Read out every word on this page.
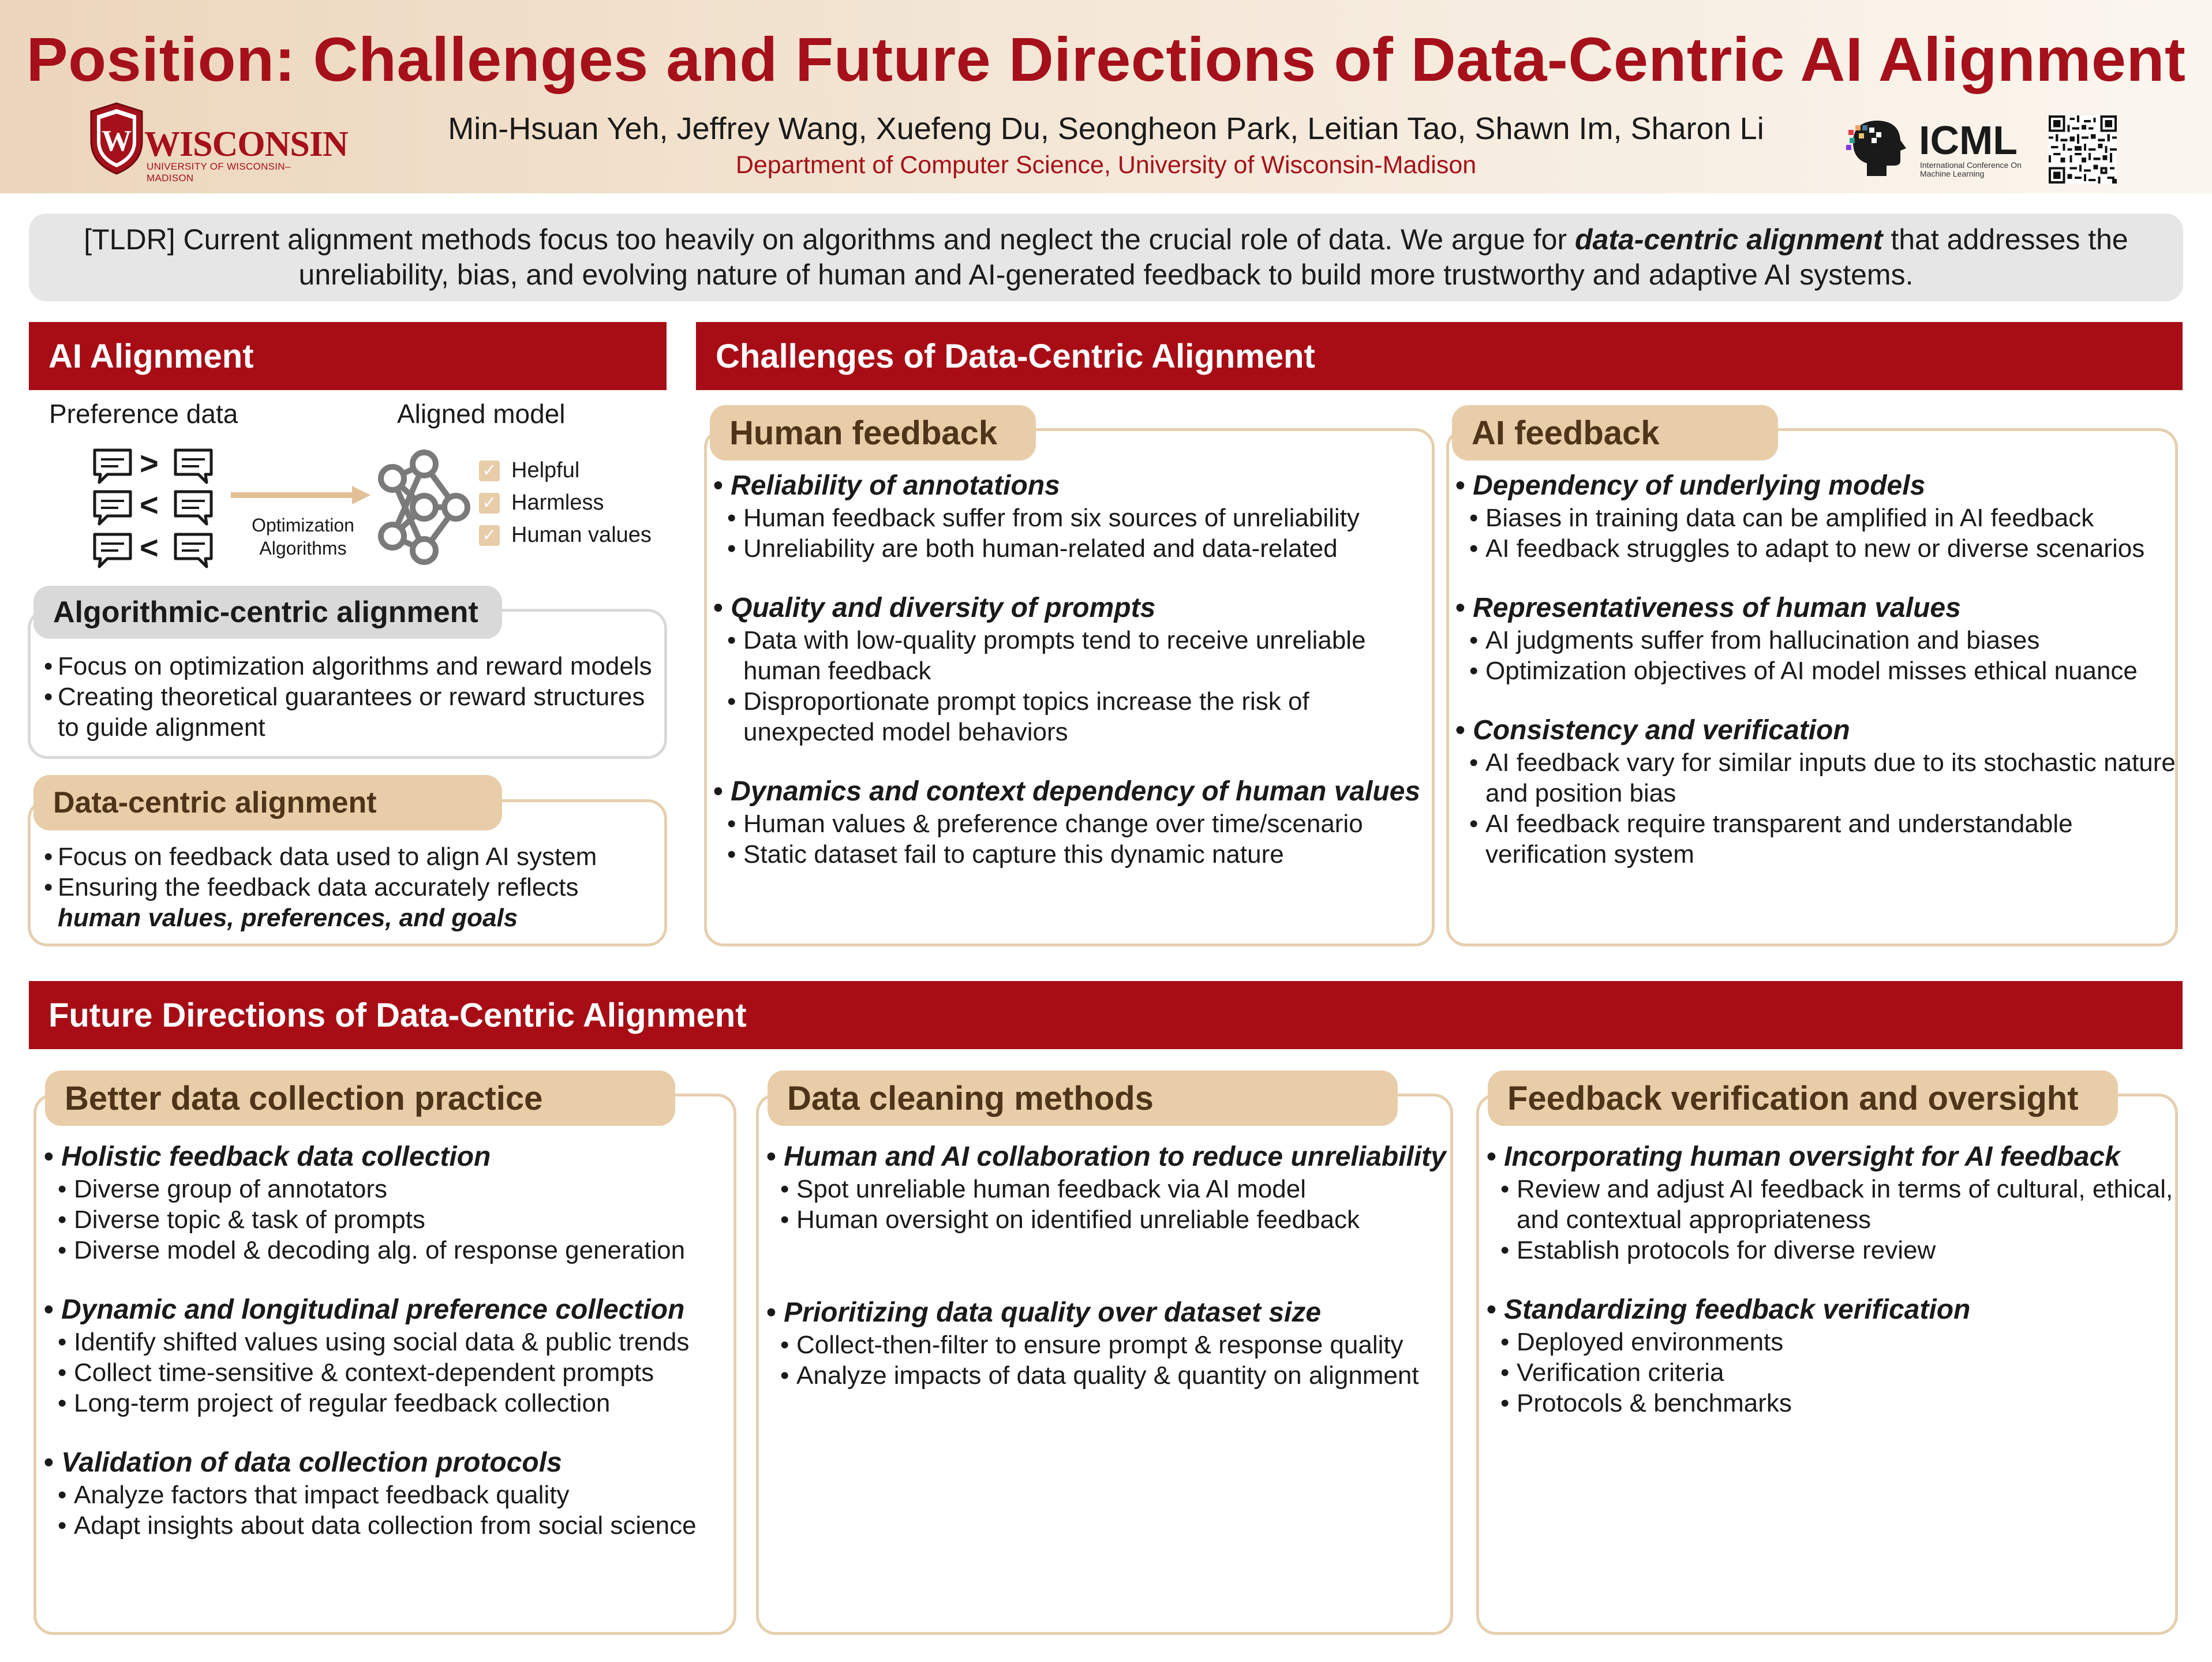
W WISCONSIN
UNIVERSITY OF WISCONSIN–MADISON
Position: Challenges and Future Directions of Data-Centric AI Alignment
Min-Hsuan Yeh, Jeffrey Wang, Xuefeng Du, Seongheon Park, Leitian Tao, Shawn Im, Sharon Li
Department of Computer Science, University of Wisconsin-Madison
ICML
International Conference On Machine Learning
[TLDR] Current alignment methods focus too heavily on algorithms and neglect the crucial role of data. We argue for data-centric alignment that addresses the unreliability, bias, and evolving nature of human and AI-generated feedback to build more trustworthy and adaptive AI systems.
AI Alignment
Preference data	Aligned model
>
<
<
Optimization
Algorithms
✓ Helpful
✓ Harmless
✓ Human values
Algorithmic-centric alignment
• Focus on optimization algorithms and reward models
• Creating theoretical guarantees or reward structures to guide alignment
Data-centric alignment
• Focus on feedback data used to align AI system
• Ensuring the feedback data accurately reflects
human values, preferences, and goals
Challenges of Data-Centric Alignment
Human feedback
• Reliability of annotations
• Human feedback suffer from six sources of unreliability
• Unreliability are both human-related and data-related
• Quality and diversity of prompts
• Data with low-quality prompts tend to receive unreliable human feedback
• Disproportionate prompt topics increase the risk of unexpected model behaviors
• Dynamics and context dependency of human values
• Human values & preference change over time/scenario
• Static dataset fail to capture this dynamic nature
AI feedback
• Dependency of underlying models
• Biases in training data can be amplified in AI feedback
• AI feedback struggles to adapt to new or diverse scenarios
• Representativeness of human values
• AI judgments suffer from hallucination and biases
• Optimization objectives of AI model misses ethical nuance
• Consistency and verification
• AI feedback vary for similar inputs due to its stochastic nature and position bias
• AI feedback require transparent and understandable verification system
Future Directions of Data-Centric Alignment
Better data collection practice
• Holistic feedback data collection
• Diverse group of annotators
• Diverse topic & task of prompts
• Diverse model & decoding alg. of response generation
• Dynamic and longitudinal preference collection
• Identify shifted values using social data & public trends
• Collect time-sensitive & context-dependent prompts
• Long-term project of regular feedback collection
• Validation of data collection protocols
• Analyze factors that impact feedback quality
• Adapt insights about data collection from social science
Data cleaning methods
• Human and AI collaboration to reduce unreliability
• Spot unreliable human feedback via AI model
• Human oversight on identified unreliable feedback
• Prioritizing data quality over dataset size
• Collect-then-filter to ensure prompt & response quality
• Analyze impacts of data quality & quantity on alignment
Feedback verification and oversight
• Incorporating human oversight for AI feedback
• Review and adjust AI feedback in terms of cultural, ethical, and contextual appropriateness
• Establish protocols for diverse review
• Standardizing feedback verification
• Deployed environments
• Verification criteria
• Protocols & benchmarks
